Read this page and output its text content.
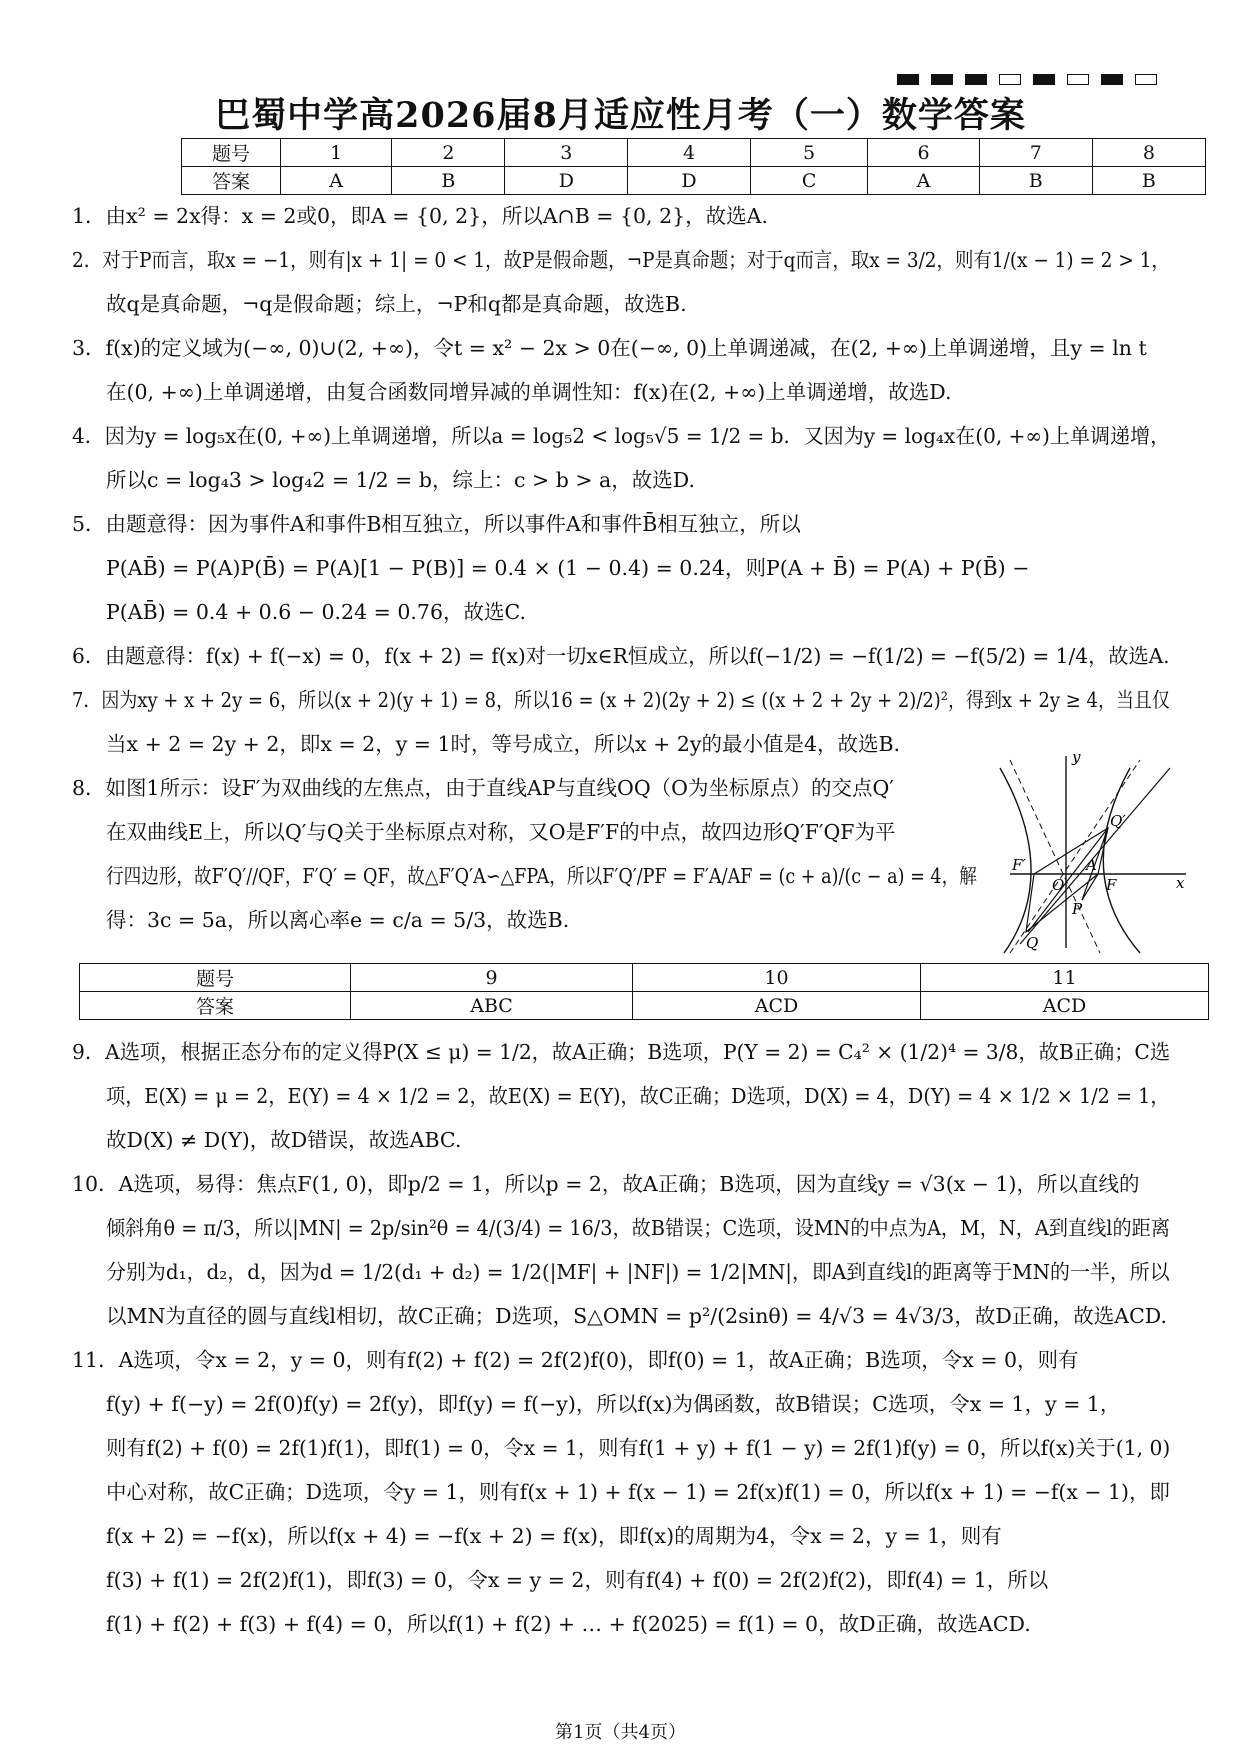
巴蜀中学高2026届8月适应性月考（一）数学答案
题号	1	2	3	4	5	6	7	8
答案	A	B	D	D	C	A	B	B
1．由x² = 2x得：x = 2或0，即A = {0, 2}，所以A∩B = {0, 2}，故选A.
2．对于P而言，取x = −1，则有|x + 1| = 0 < 1，故P是假命题，¬P是真命题；对于q而言，取x = 3/2，则有1/(x − 1) = 2 > 1，
故q是真命题，¬q是假命题；综上，¬P和q都是真命题，故选B.
3．f(x)的定义域为(−∞, 0)∪(2, +∞)，令t = x² − 2x > 0在(−∞, 0)上单调递减，在(2, +∞)上单调递增，且y = ln t
在(0, +∞)上单调递增，由复合函数同增异减的单调性知：f(x)在(2, +∞)上单调递增，故选D.
4．因为y = log₅x在(0, +∞)上单调递增，所以a = log₅2 < log₅√5 = 1/2 = b．又因为y = log₄x在(0, +∞)上单调递增，
所以c = log₄3 > log₄2 = 1/2 = b，综上：c > b > a，故选D.
5．由题意得：因为事件A和事件B相互独立，所以事件A和事件B̄相互独立，所以
P(AB̄) = P(A)P(B̄) = P(A)[1 − P(B)] = 0.4 × (1 − 0.4) = 0.24，则P(A + B̄) = P(A) + P(B̄) −
P(AB̄) = 0.4 + 0.6 − 0.24 = 0.76，故选C.
6．由题意得：f(x) + f(−x) = 0，f(x + 2) = f(x)对一切x∈R恒成立，所以f(−1/2) = −f(1/2) = −f(5/2) = 1/4，故选A.
7．因为xy + x + 2y = 6，所以(x + 2)(y + 1) = 8，所以16 = (x + 2)(2y + 2) ≤ ((x + 2 + 2y + 2)/2)²，得到x + 2y ≥ 4，当且仅
当x + 2 = 2y + 2，即x = 2，y = 1时，等号成立，所以x + 2y的最小值是4，故选B.
8．如图1所示：设F′为双曲线的左焦点，由于直线AP与直线OQ（O为坐标原点）的交点Q′
在双曲线E上，所以Q′与Q关于坐标原点对称，又O是F′F的中点，故四边形Q′F′QF为平
行四边形，故F′Q′//QF，F′Q′ = QF，故△F′Q′A∽△FPA，所以F′Q′/PF = F′A/AF = (c + a)/(c − a) = 4，解
得：3c = 5a，所以离心率e = c/a = 5/3，故选B.
y
x
Q′
F′
O
A
F
P
Q
题号	9	10	11
答案	ABC	ACD	ACD
9．A选项，根据正态分布的定义得P(X ≤ μ) = 1/2，故A正确；B选项，P(Y = 2) = C₄² × (1/2)⁴ = 3/8，故B正确；C选
项，E(X) = μ = 2，E(Y) = 4 × 1/2 = 2，故E(X) = E(Y)，故C正确；D选项，D(X) = 4，D(Y) = 4 × 1/2 × 1/2 = 1，
故D(X) ≠ D(Y)，故D错误，故选ABC.
10．A选项，易得：焦点F(1, 0)，即p/2 = 1，所以p = 2，故A正确；B选项，因为直线y = √3(x − 1)，所以直线的
倾斜角θ = π/3，所以|MN| = 2p/sin²θ = 4/(3/4) = 16/3，故B错误；C选项，设MN的中点为A，M，N，A到直线l的距离
分别为d₁，d₂，d，因为d = 1/2(d₁ + d₂) = 1/2(|MF| + |NF|) = 1/2|MN|，即A到直线l的距离等于MN的一半，所以
以MN为直径的圆与直线l相切，故C正确；D选项，S△OMN = p²/(2sinθ) = 4/√3 = 4√3/3，故D正确，故选ACD.
11．A选项，令x = 2，y = 0，则有f(2) + f(2) = 2f(2)f(0)，即f(0) = 1，故A正确；B选项，令x = 0，则有
f(y) + f(−y) = 2f(0)f(y) = 2f(y)，即f(y) = f(−y)，所以f(x)为偶函数，故B错误；C选项，令x = 1，y = 1，
则有f(2) + f(0) = 2f(1)f(1)，即f(1) = 0，令x = 1，则有f(1 + y) + f(1 − y) = 2f(1)f(y) = 0，所以f(x)关于(1, 0)
中心对称，故C正确；D选项，令y = 1，则有f(x + 1) + f(x − 1) = 2f(x)f(1) = 0，所以f(x + 1) = −f(x − 1)，即
f(x + 2) = −f(x)，所以f(x + 4) = −f(x + 2) = f(x)，即f(x)的周期为4，令x = 2，y = 1，则有
f(3) + f(1) = 2f(2)f(1)，即f(3) = 0，令x = y = 2，则有f(4) + f(0) = 2f(2)f(2)，即f(4) = 1，所以
f(1) + f(2) + f(3) + f(4) = 0，所以f(1) + f(2) + … + f(2025) = f(1) = 0，故D正确，故选ACD.
第1页（共4页）
